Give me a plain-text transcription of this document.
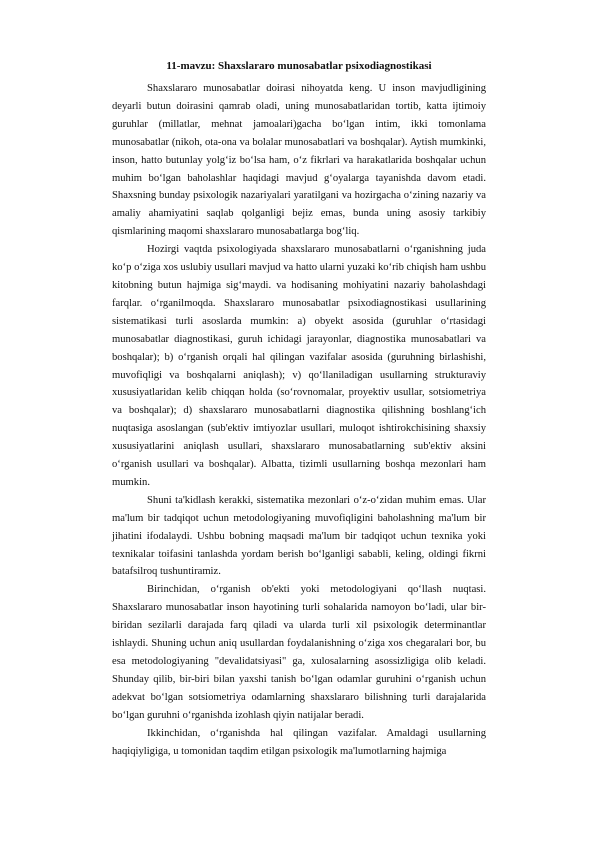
11-mavzu: Shaxslararo munosabatlar psixodiagnostikasi

Shaxslararo munosabatlar doirasi nihoyatda keng. U inson mavjudligining deyarli butun doirasini qamrab oladi, uning munosabatlaridan tortib, katta ijtimoiy guruhlar (millatlar, mehnat jamoalari)gacha boʻlgan intim, ikki tomonlama munosabatlar (nikoh, ota-ona va bolalar munosabatlari va boshqalar). Aytish mumkinki, inson, hatto butunlay yolgʻiz boʻlsa ham, oʻz fikrlari va harakatlarida boshqalar uchun muhim boʻlgan baholashlar haqidagi mavjud gʻoyalarga tayanishda davom etadi. Shaxsning bunday psixologik nazariyalari yaratilgani va hozirgacha oʻzining nazariy va amaliy ahamiyatini saqlab qolganligi bejiz emas, bunda uning asosiy tarkibiy qismlarining maqomi shaxslararo munosabatlarga bogʻliq.

Hozirgi vaqtda psixologiyada shaxslararo munosabatlarni oʻrganishning juda koʻp oʻziga xos uslubiy usullari mavjud va hatto ularni yuzaki koʻrib chiqish ham ushbu kitobning butun hajmiga sigʻmaydi. va hodisaning mohiyatini nazariy baholashdagi farqlar. oʻrganilmoqda. Shaxslararo munosabatlar psixodiagnostikasi usullarining sistematikasi turli asoslarda mumkin: a) obyekt asosida (guruhlar oʻrtasidagi munosabatlar diagnostikasi, guruh ichidagi jarayonlar, diagnostika munosabatlari va boshqalar); b) oʻrganish orqali hal qilingan vazifalar asosida (guruhning birlashishi, muvofiqligi va boshqalarni aniqlash); v) qoʻllaniladigan usullarning strukturaviy xususiyatlaridan kelib chiqqan holda (soʻrovnomalar, proyektiv usullar, sotsiometriya va boshqalar); d) shaxslararo munosabatlarni diagnostika qilishning boshlangʻich nuqtasiga asoslangan (sub'ektiv imtiyozlar usullari, muloqot ishtirokchisining shaxsiy xususiyatlarini aniqlash usullari, shaxslararo munosabatlarning sub'ektiv aksini oʻrganish usullari va boshqalar). Albatta, tizimli usullarning boshqa mezonlari ham mumkin.

Shuni ta'kidlash kerakki, sistematika mezonlari oʻz-oʻzidan muhim emas. Ular ma'lum bir tadqiqot uchun metodologiyaning muvofiqligini baholashning ma'lum bir jihatini ifodalaydi. Ushbu bobning maqsadi ma'lum bir tadqiqot uchun texnika yoki texnikalar toifasini tanlashda yordam berish boʻlganligi sababli, keling, oldingi fikrni batafsilroq tushuntiramiz.

Birinchidan, oʻrganish ob'ekti yoki metodologiyani qoʻllash nuqtasi. Shaxslararo munosabatlar inson hayotining turli sohalarida namoyon boʻladi, ular bir-biridan sezilarli darajada farq qiladi va ularda turli xil psixologik determinantlar ishlaydi. Shuning uchun aniq usullardan foydalanishning oʻziga xos chegaralari bor, bu esa metodologiyaning "devalidatsiyasi" ga, xulosalarning asossizligiga olib keladi. Shunday qilib, bir-biri bilan yaxshi tanish boʻlgan odamlar guruhini oʻrganish uchun adekvat boʻlgan sotsiometriya odamlarning shaxslararo bilishning turli darajalarida boʻlgan guruhni oʻrganishda izohlash qiyin natijalar beradi.

Ikkinchidan, oʻrganishda hal qilingan vazifalar. Amaldagi usullarning haqiqiyligiga, u tomonidan taqdim etilgan psixologik ma'lumotlarning hajmiga
